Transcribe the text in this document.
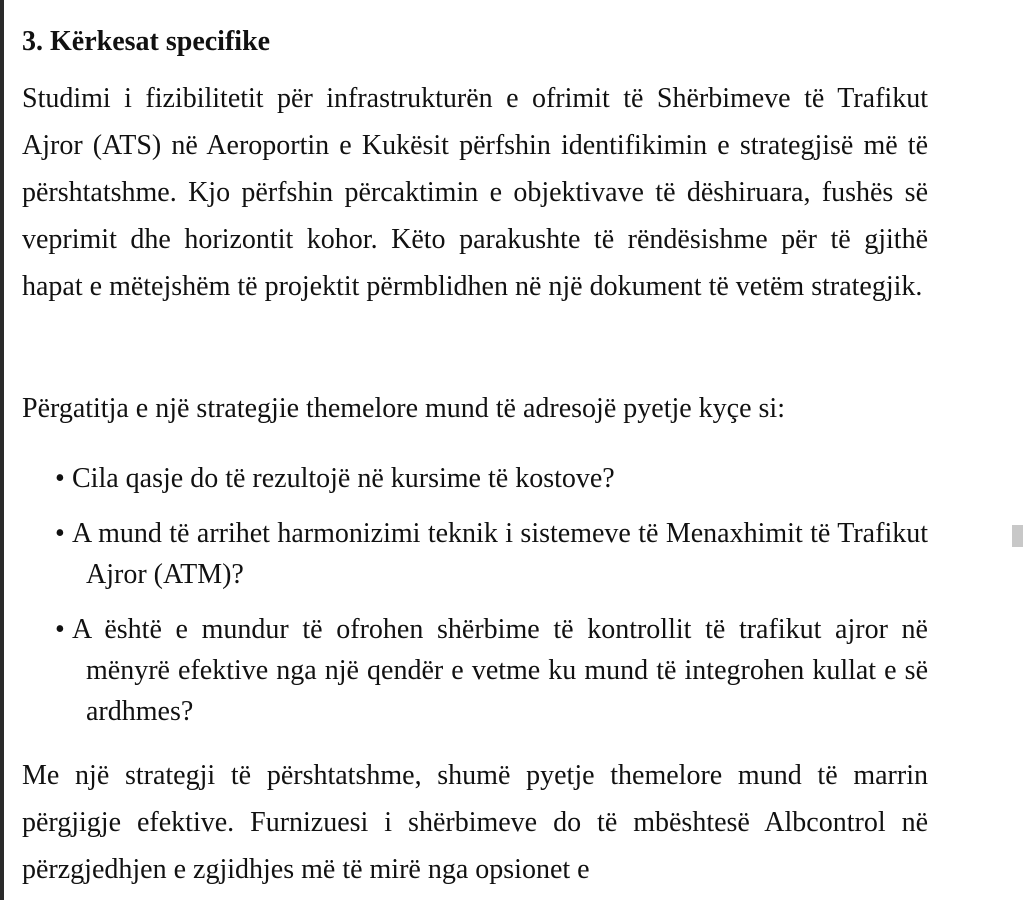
3. Kërkesat specifike

Studimi i fizibilitetit për infrastrukturën e ofrimit të Shërbimeve të Trafikut Ajror (ATS) në Aeroportin e Kukësit përfshin identifikimin e strategjisë më të përshtatshme. Kjo përfshin përcaktimin e objektivave të dëshiruara, fushës së veprimit dhe horizontit kohor. Këto parakushte të rëndësishme për të gjithë hapat e mëtejshëm të projektit përmblidhen në një dokument të vetëm strategjik.

Përgatitja e një strategjie themelore mund të adresojë pyetje kyçe si:

• Cila qasje do të rezultojë në kursime të kostove?
• A mund të arrihet harmonizimi teknik i sistemeve të Menaxhimit të Trafikut Ajror (ATM)?
• A është e mundur të ofrohen shërbime të kontrollit të trafikut ajror në mënyrë efektive nga një qendër e vetme ku mund të integrohen kullat e së ardhmes?

Me një strategji të përshtatshme, shumë pyetje themelore mund të marrin përgjigje efektive. Furnizuesi i shërbimeve do të mbështesë Albcontrol në përzgjedhjen e zgjidhjes më të mirë nga opsionet e
